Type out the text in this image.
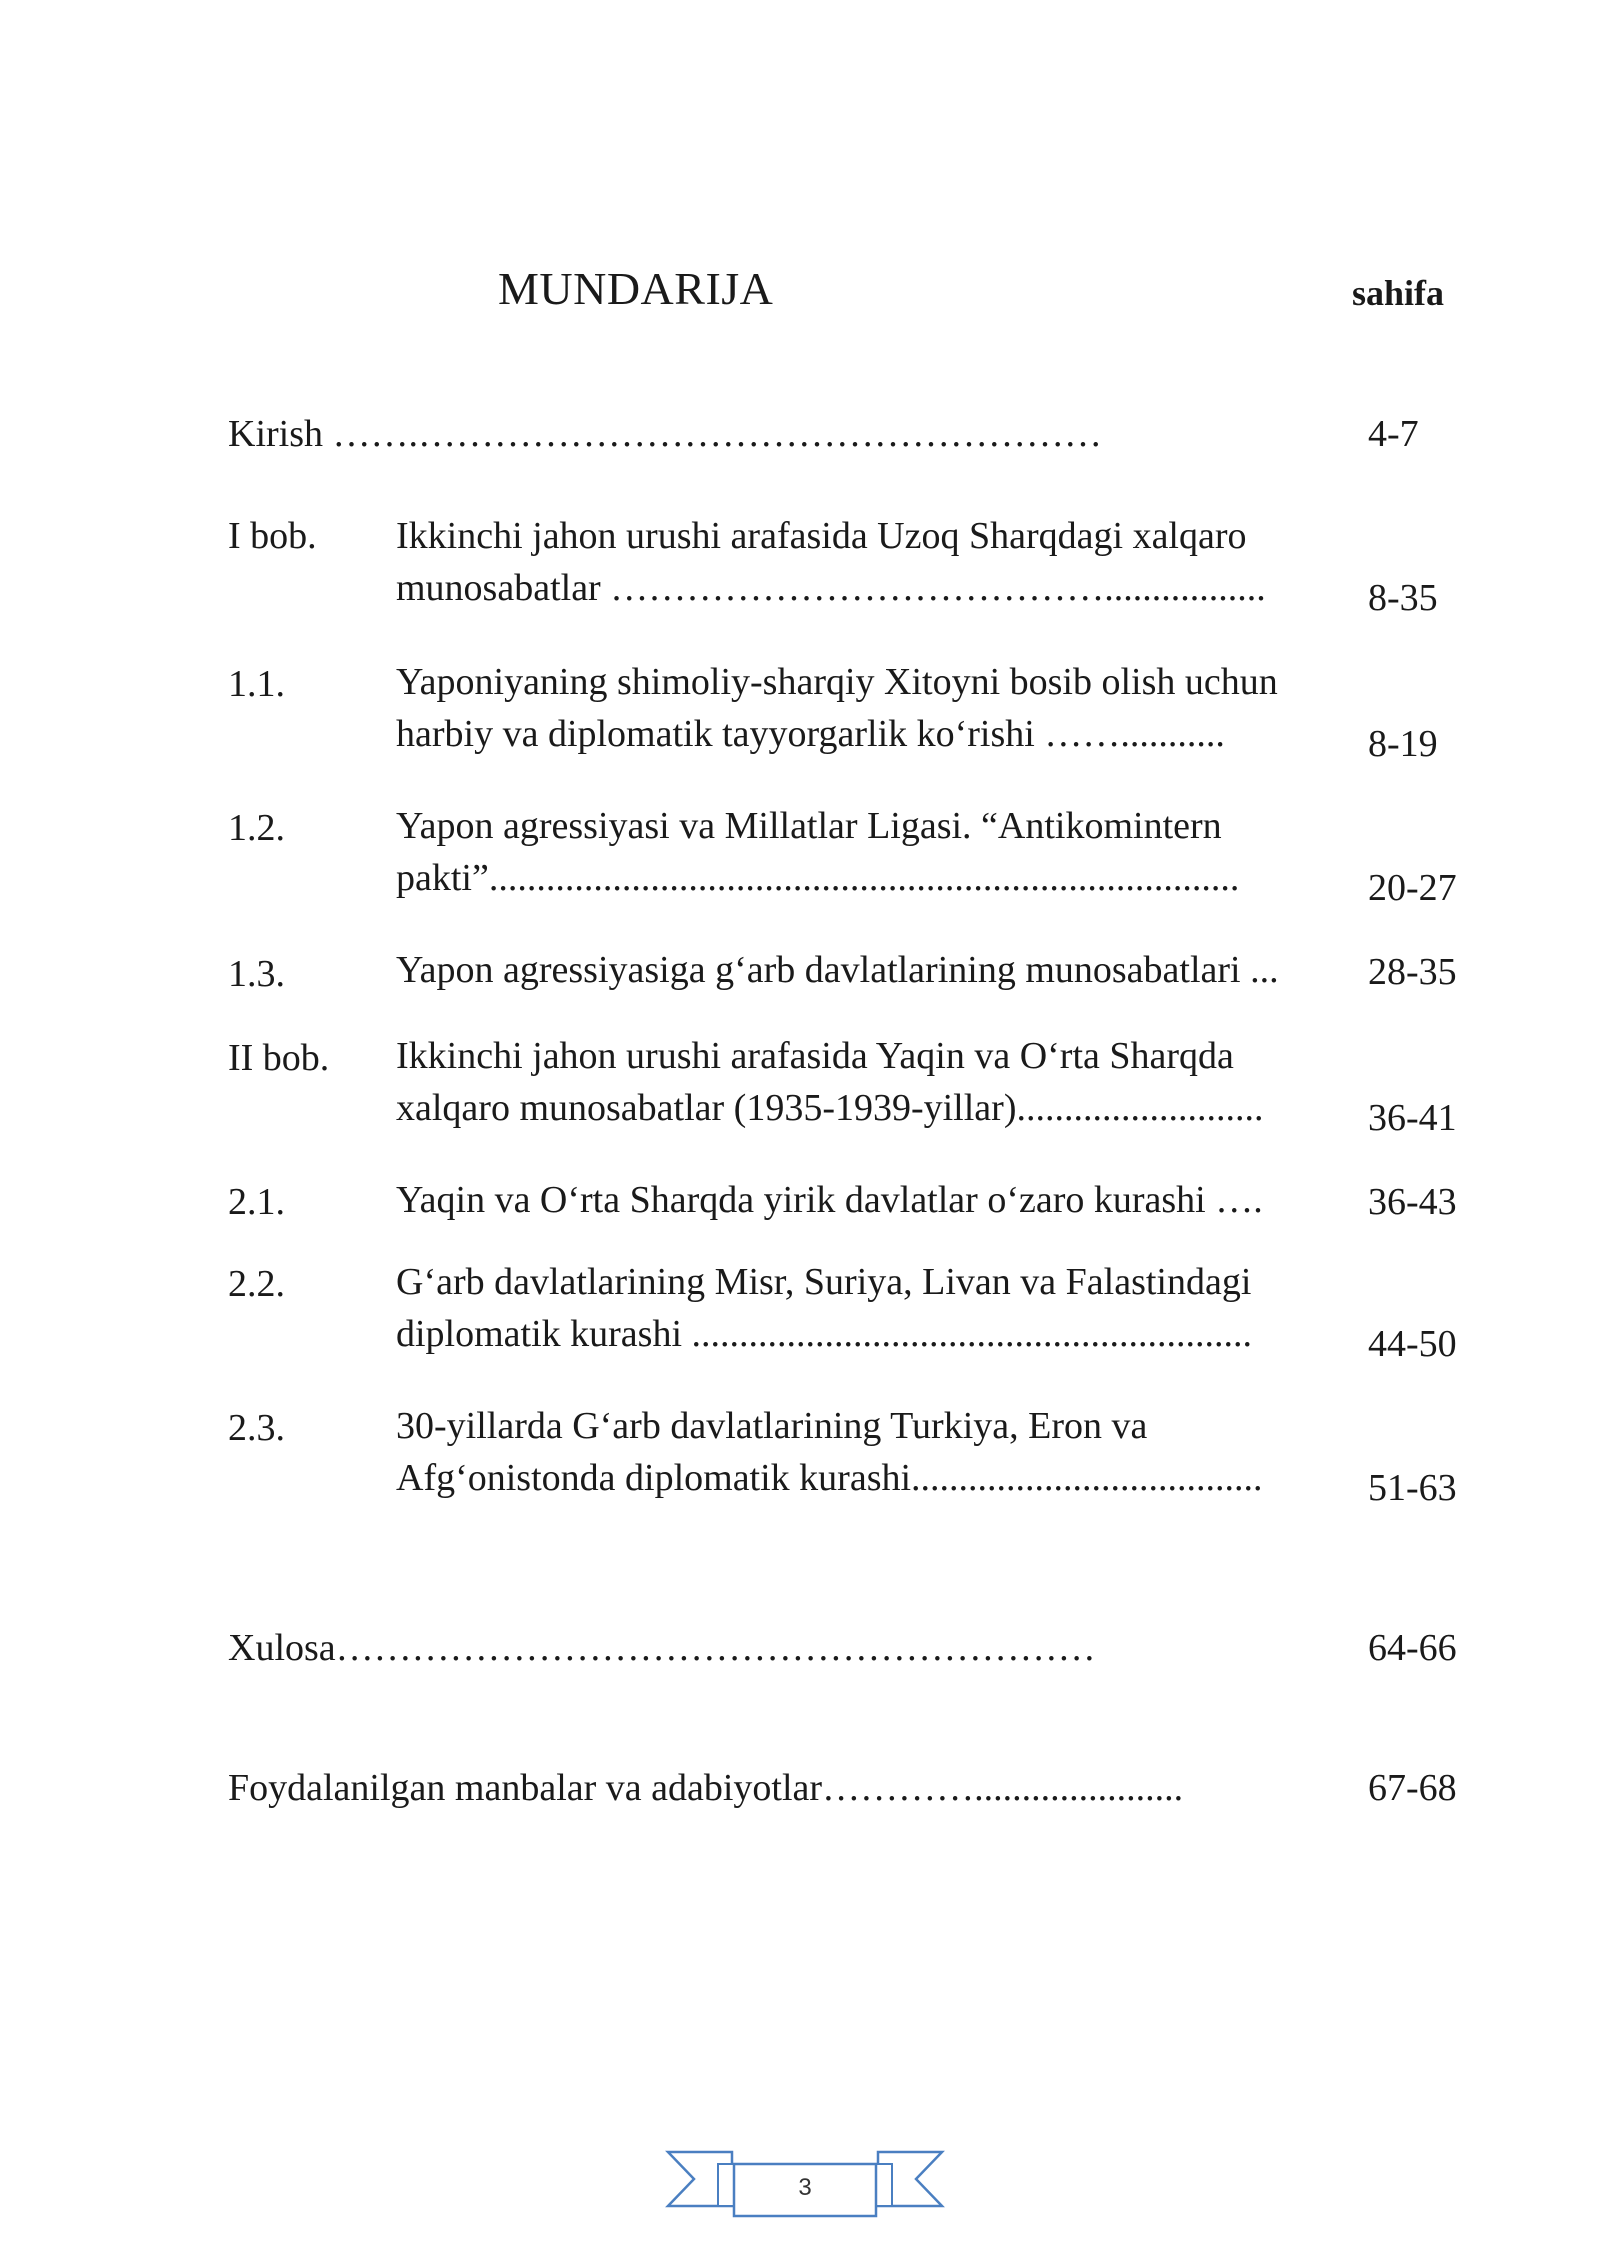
MUNDARIJA	sahifa
Kirish …….………………………………………………	4-7
I bob. Ikkinchi jahon urushi arafasida Uzoq Sharqdagi xalqaro
munosabatlar ………………………………….................	8-35
1.1.	Yaponiyaning shimoliy-sharqiy Xitoyni bosib olish uchun
harbiy va diplomatik tayyorgarlik ko‘rishi ……...........	8-19
1.2.	Yapon agressiyasi va Millatlar Ligasi. “Antikomintern
pakti”...............................................................................	20-27
1.3.	Yapon agressiyasiga g‘arb davlatlarining munosabatlari ... 28-35
II bob. Ikkinchi jahon urushi arafasida Yaqin va O‘rta Sharqda
xalqaro munosabatlar (1935-1939-yillar)..........................	36-41
2.1.	Yaqin va O‘rta Sharqda yirik davlatlar o‘zaro kurashi ….	36-43
2.2.	G‘arb davlatlarining Misr, Suriya, Livan va Falastindagi
diplomatik kurashi ...........................................................	44-50
2.3.	30-yillarda G‘arb davlatlarining Turkiya, Eron va
Afg‘onistonda diplomatik kurashi.....................................	51-63
Xulosa……………………………………………………	64-66
Foydalanilgan manbalar va adabiyotlar…………......................	67-68
3
